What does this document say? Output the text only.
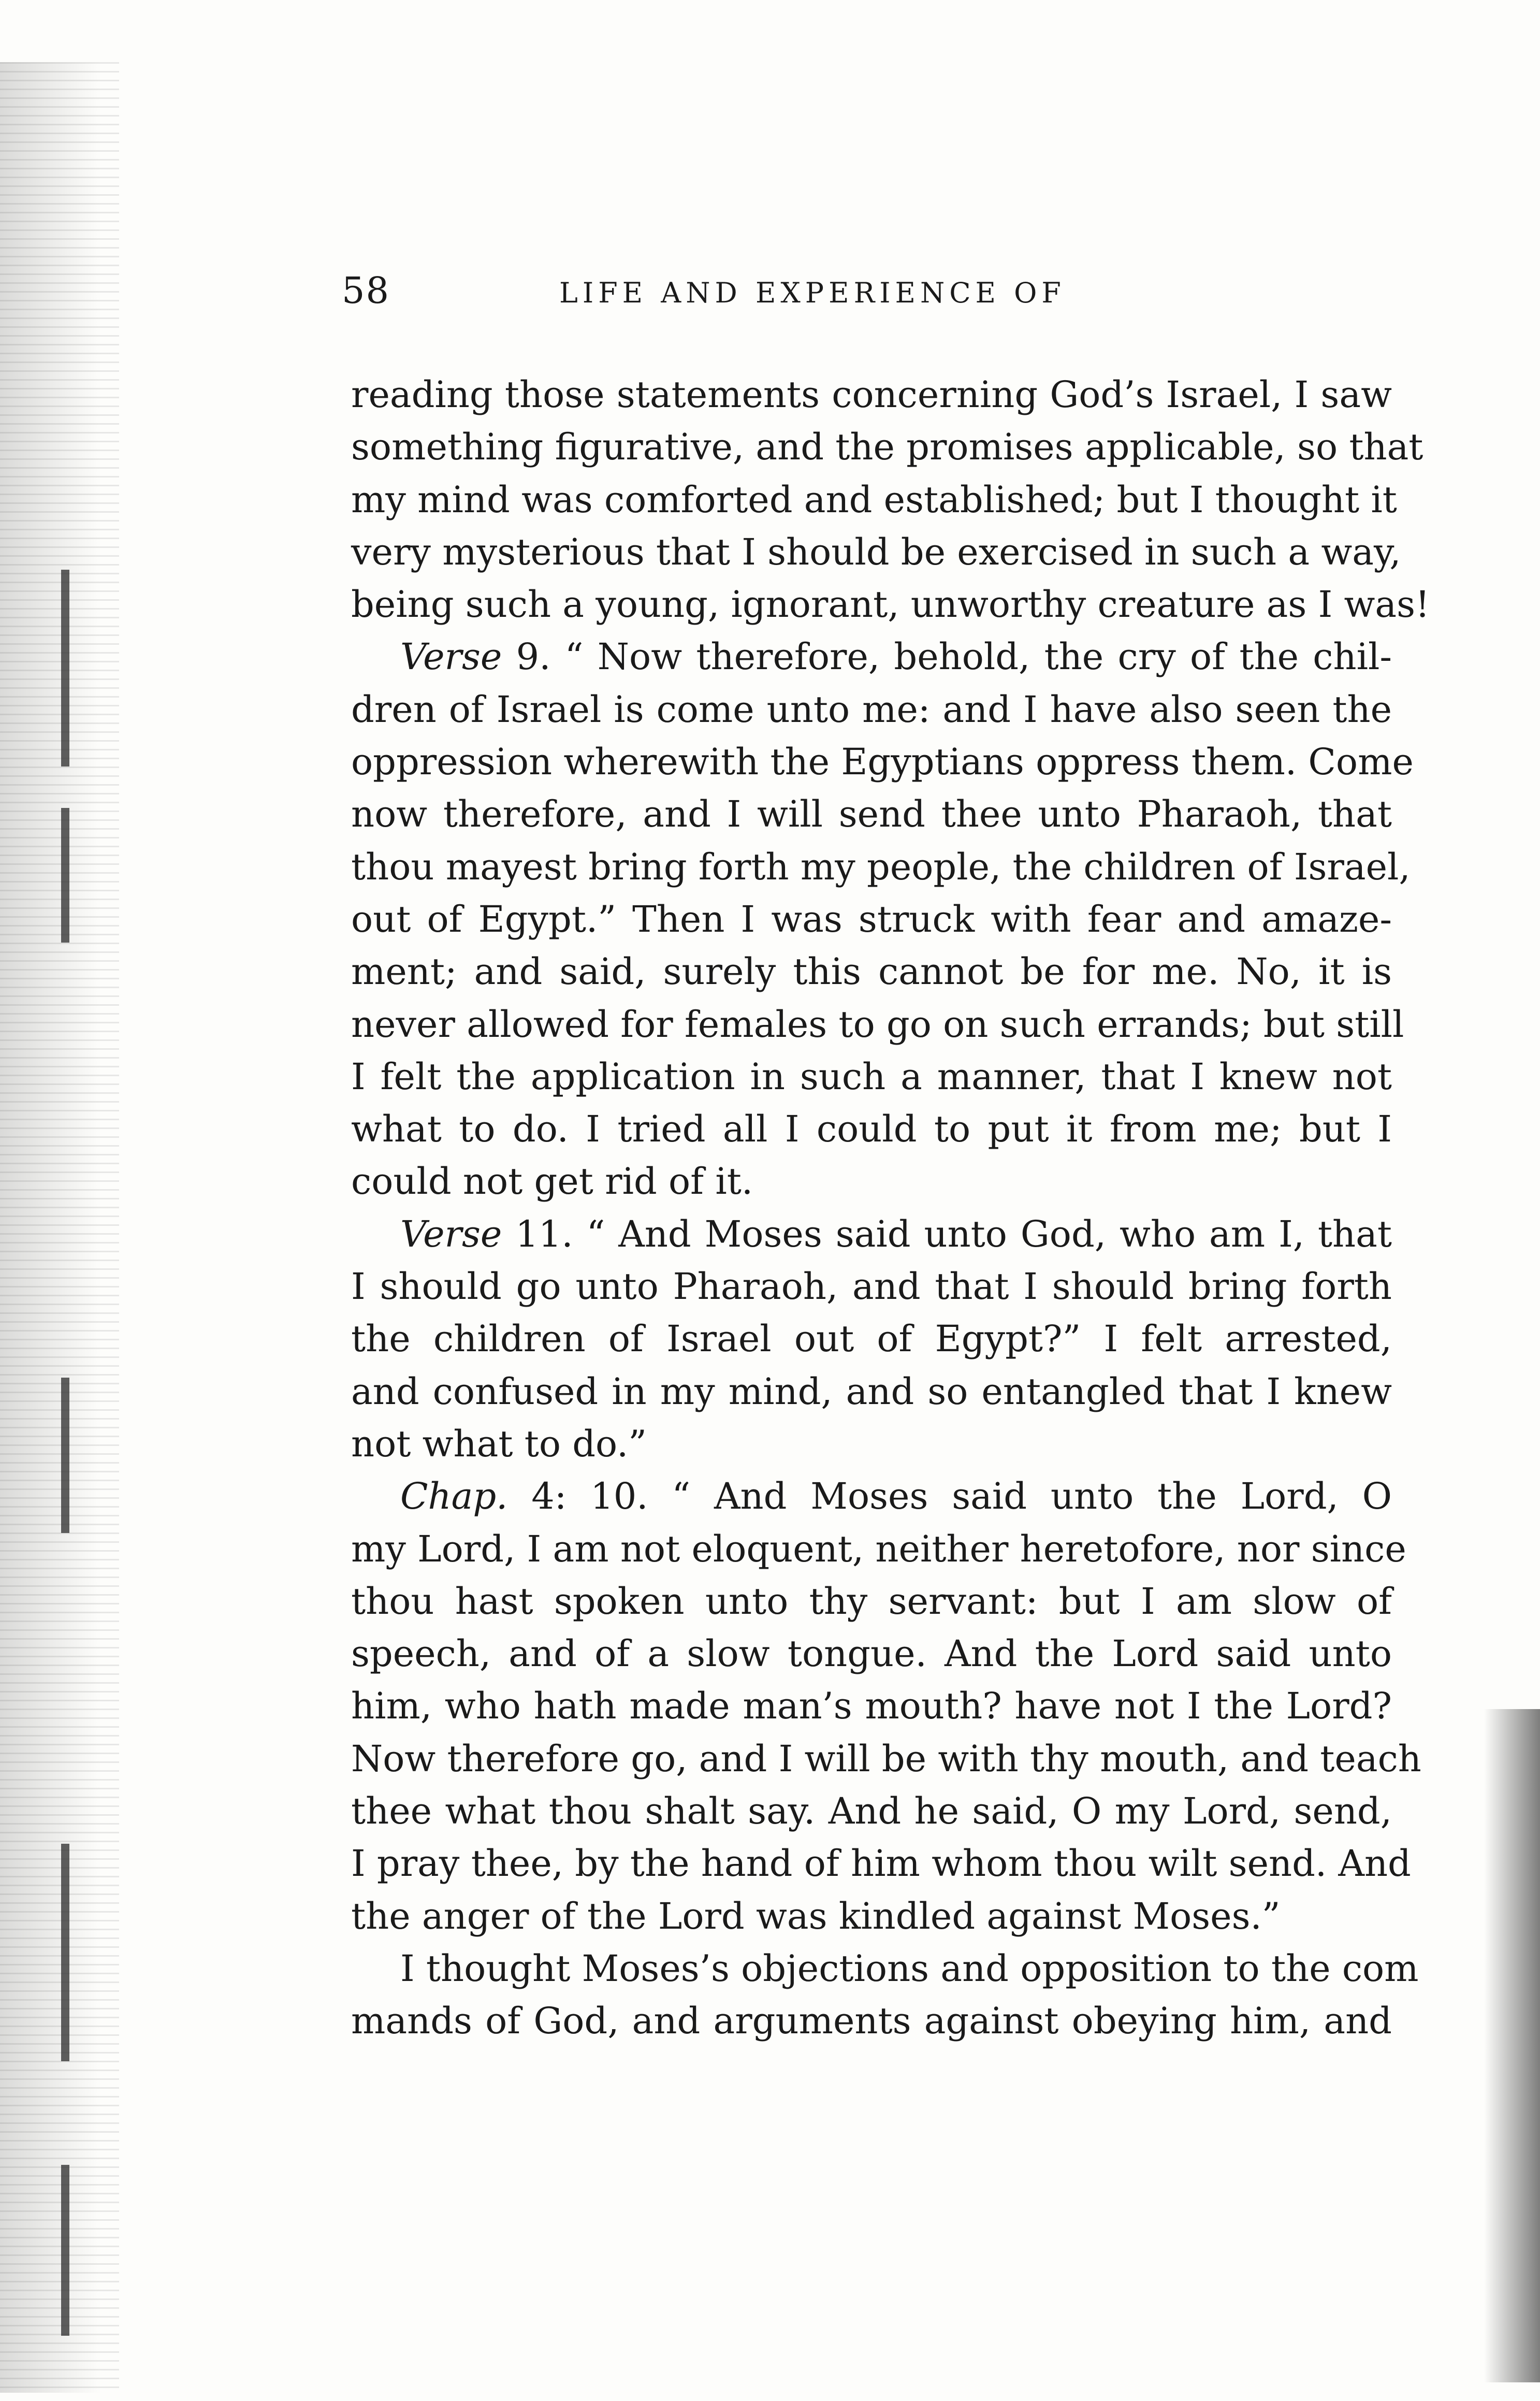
58	LIFE AND EXPERIENCE OF
reading those statements concerning God’s Israel, I saw
something figurative, and the promises applicable, so that
my mind was comforted and established; but I thought it
very mysterious that I should be exercised in such a way,
being such a young, ignorant, unworthy creature as I was!
Verse 9. “ Now therefore, behold, the cry of the chil-
dren of Israel is come unto me: and I have also seen the
oppression wherewith the Egyptians oppress them. Come
now therefore, and I will send thee unto Pharaoh, that
thou mayest bring forth my people, the children of Israel,
out of Egypt.” Then I was struck with fear and amaze-
ment; and said, surely this cannot be for me. No, it is
never allowed for females to go on such errands; but still
I felt the application in such a manner, that I knew not
what to do. I tried all I could to put it from me; but I
could not get rid of it.
Verse 11. “ And Moses said unto God, who am I, that
I should go unto Pharaoh, and that I should bring forth
the children of Israel out of Egypt?” I felt arrested,
and confused in my mind, and so entangled that I knew
not what to do.”
Chap. 4: 10. “ And Moses said unto the Lord, O
my Lord, I am not eloquent, neither heretofore, nor since
thou hast spoken unto thy servant: but I am slow of
speech, and of a slow tongue. And the Lord said unto
him, who hath made man’s mouth? have not I the Lord?
Now therefore go, and I will be with thy mouth, and teach
thee what thou shalt say. And he said, O my Lord, send,
I pray thee, by the hand of him whom thou wilt send. And
the anger of the Lord was kindled against Moses.”
I thought Moses’s objections and opposition to the com
mands of God, and arguments against obeying him, and
